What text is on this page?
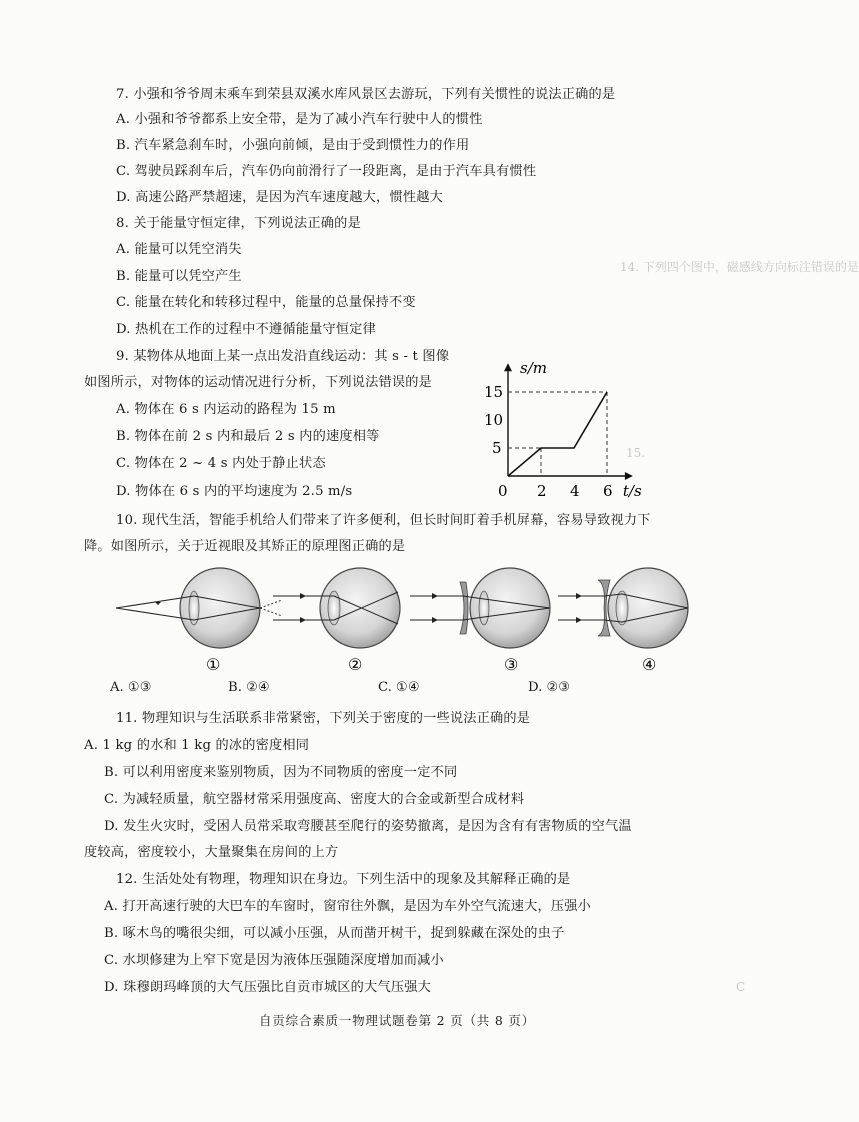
14. 下列四个图中，磁感线方向标注错误的是
15.
C
7. 小强和爷爷周末乘车到荣县双溪水库风景区去游玩，下列有关惯性的说法正确的是
A. 小强和爷爷都系上安全带，是为了减小汽车行驶中人的惯性
B. 汽车紧急刹车时，小强向前倾，是由于受到惯性力的作用
C. 驾驶员踩刹车后，汽车仍向前滑行了一段距离，是由于汽车具有惯性
D. 高速公路严禁超速，是因为汽车速度越大，惯性越大
8. 关于能量守恒定律，下列说法正确的是
A. 能量可以凭空消失
B. 能量可以凭空产生
C. 能量在转化和转移过程中，能量的总量保持不变
D. 热机在工作的过程中不遵循能量守恒定律
9. 某物体从地面上某一点出发沿直线运动：其 s - t 图像
如图所示，对物体的运动情况进行分析，下列说法错误的是
A. 物体在 6 s 内运动的路程为 15 m
B. 物体在前 2 s 内和最后 2 s 内的速度相等
C. 物体在 2 ~ 4 s 内处于静止状态
D. 物体在 6 s 内的平均速度为 2.5 m/s
s/m
t/s
0 2 4 6
5
10
15
10. 现代生活，智能手机给人们带来了许多便利，但长时间盯着手机屏幕，容易导致视力下
降。如图所示，关于近视眼及其矫正的原理图正确的是
①	②	③	④
A. ①③	B. ②④	C. ①④	D. ②③
11. 物理知识与生活联系非常紧密，下列关于密度的一些说法正确的是
A. 1 kg 的水和 1 kg 的冰的密度相同
B. 可以利用密度来鉴别物质，因为不同物质的密度一定不同
C. 为减轻质量，航空器材常采用强度高、密度大的合金或新型合成材料
D. 发生火灾时，受困人员常采取弯腰甚至爬行的姿势撤离，是因为含有有害物质的空气温
度较高，密度较小，大量聚集在房间的上方
12. 生活处处有物理，物理知识在身边。下列生活中的现象及其解释正确的是
A. 打开高速行驶的大巴车的车窗时，窗帘往外飘，是因为车外空气流速大，压强小
B. 啄木鸟的嘴很尖细，可以减小压强，从而凿开树干，捉到躲藏在深处的虫子
C. 水坝修建为上窄下宽是因为液体压强随深度增加而减小
D. 珠穆朗玛峰顶的大气压强比自贡市城区的大气压强大
自贡综合素质一物理试题卷第 2 页（共 8 页）
